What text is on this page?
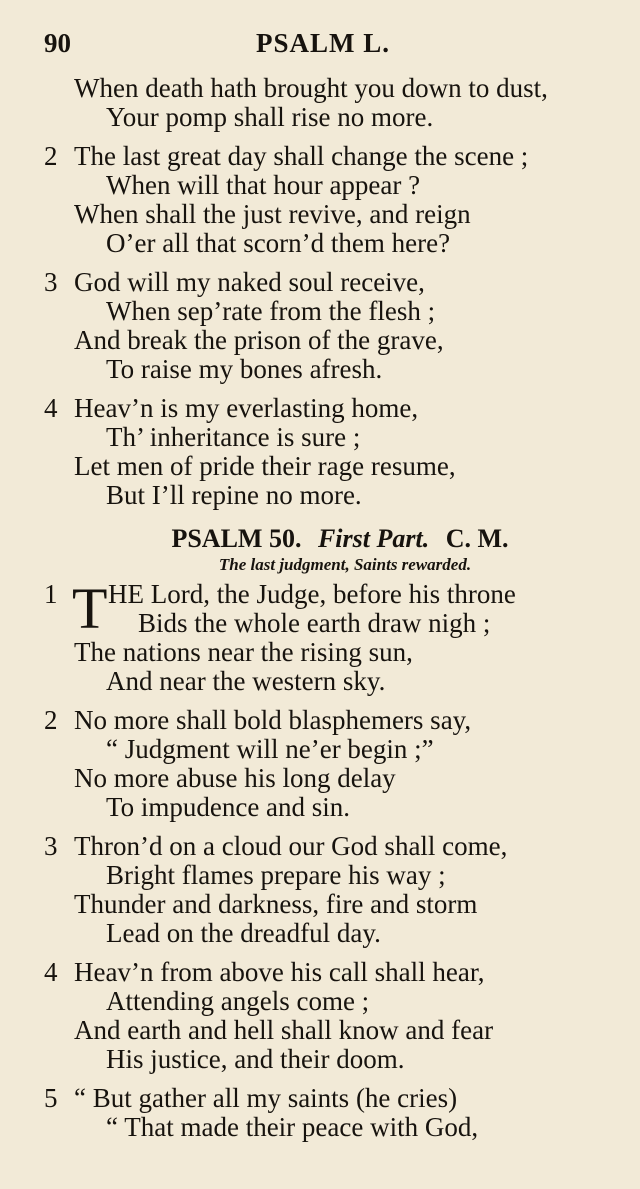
90	PSALM L.
When death hath brought you down to dust,
Your pomp shall rise no more.
2 The last great day shall change the scene ;
When will that hour appear ?
When shall the just revive, and reign
O’er all that scorn’d them here?
3 God will my naked soul receive,
When sep’rate from the flesh ;
And break the prison of the grave,
To raise my bones afresh.
4 Heav’n is my everlasting home,
Th’ inheritance is sure ;
Let men of pride their rage resume,
But I’ll repine no more.
PSALM 50. First Part. C. M.
The last judgment, Saints rewarded.
1 T HE Lord, the Judge, before his throne
Bids the whole earth draw nigh ;
The nations near the rising sun,
And near the western sky.
2 No more shall bold blasphemers say,
“ Judgment will ne’er begin ;”
No more abuse his long delay
To impudence and sin.
3 Thron’d on a cloud our God shall come,
Bright flames prepare his way ;
Thunder and darkness, fire and storm
Lead on the dreadful day.
4 Heav’n from above his call shall hear,
Attending angels come ;
And earth and hell shall know and fear
His justice, and their doom.
5 “ But gather all my saints (he cries)
“ That made their peace with God,
